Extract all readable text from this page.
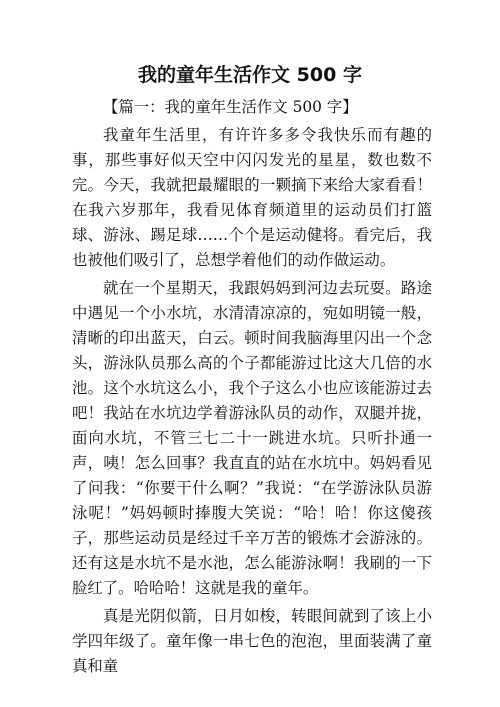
我的童年生活作文 500 字

【篇一：我的童年生活作文 500 字】

我童年生活里，有许许多多令我快乐而有趣的事，那些事好似天空中闪闪发光的星星，数也数不完。今天，我就把最耀眼的一颗摘下来给大家看看！在我六岁那年，我看见体育频道里的运动员们打篮球、游泳、踢足球……个个是运动健将。看完后，我也被他们吸引了，总想学着他们的动作做运动。

就在一个星期天，我跟妈妈到河边去玩耍。路途中遇见一个小水坑，水清清凉凉的，宛如明镜一般，清晰的印出蓝天，白云。顿时间我脑海里闪出一个念头，游泳队员那么高的个子都能游过比这大几倍的水池。这个水坑这么小，我个子这么小也应该能游过去吧！我站在水坑边学着游泳队员的动作，双腿并拢，面向水坑，不管三七二十一跳进水坑。只听扑通一声，咦！怎么回事？我直直的站在水坑中。妈妈看见了问我：“你要干什么啊？”我说：“在学游泳队员游泳呢！”妈妈顿时捧腹大笑说：“哈！哈！你这傻孩子，那些运动员是经过千辛万苦的锻炼才会游泳的。还有这是水坑不是水池，怎么能游泳啊！我刷的一下脸红了。哈哈哈！这就是我的童年。

真是光阴似箭，日月如梭，转眼间就到了该上小学四年级了。童年像一串七色的泡泡，里面装满了童真和童
